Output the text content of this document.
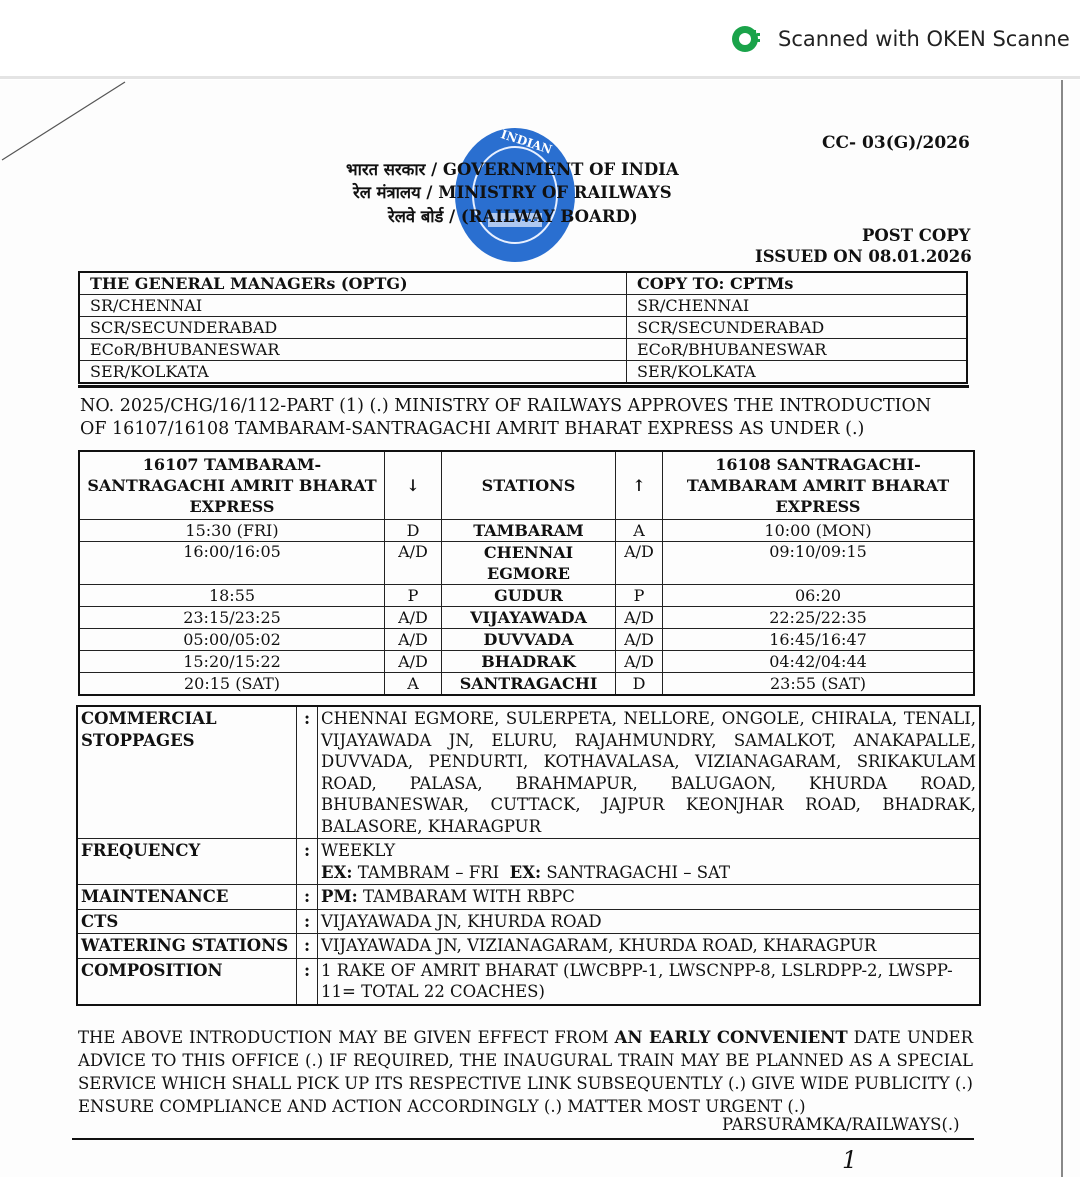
Scanned with OKEN Scanne
INDIAN	CC- 03(G)/2026
भारत सरकार / GOVERNMENT OF INDIA
रेल मंत्रालय / MINISTRY OF RAILWAYS
रेलवे बोर्ड / (RAILWAY BOARD)
POST COPY
ISSUED ON 08.01.2026
THE GENERAL MANAGERs (OPTG)	COPY TO: CPTMs
SR/CHENNAI	SR/CHENNAI
SCR/SECUNDERABAD	SCR/SECUNDERABAD
ECoR/BHUBANESWAR	ECoR/BHUBANESWAR
SER/KOLKATA	SER/KOLKATA
NO. 2025/CHG/16/112-PART (1) (.) MINISTRY OF RAILWAYS APPROVES THE INTRODUCTION
OF 16107/16108 TAMBARAM-SANTRAGACHI AMRIT BHARAT EXPRESS AS UNDER (.)
16107 TAMBARAM-SANTRAGACHI AMRIT BHARAT EXPRESS	↓	STATIONS	↑	16108 SANTRAGACHI-TAMBARAM AMRIT BHARAT EXPRESS
15:30 (FRI)	D	TAMBARAM	A	10:00 (MON)
16:00/16:05	A/D	CHENNAI EGMORE	A/D	09:10/09:15
18:55	P	GUDUR	P	06:20
23:15/23:25	A/D	VIJAYAWADA	A/D	22:25/22:35
05:00/05:02	A/D	DUVVADA	A/D	16:45/16:47
15:20/15:22	A/D	BHADRAK	A/D	04:42/04:44
20:15 (SAT)	A	SANTRAGACHI	D	23:55 (SAT)
COMMERCIAL STOPPAGES	:	CHENNAI EGMORE, SULERPETA, NELLORE, ONGOLE, CHIRALA, TENALI, VIJAYAWADA JN, ELURU, RAJAHMUNDRY, SAMALKOT, ANAKAPALLE, DUVVADA, PENDURTI, KOTHAVALASA, VIZIANAGARAM, SRIKAKULAM ROAD, PALASA, BRAHMAPUR, BALUGAON, KHURDA ROAD, BHUBANESWAR, CUTTACK, JAJPUR KEONJHAR ROAD, BHADRAK, BALASORE, KHARAGPUR
FREQUENCY	:	WEEKLY
EX: TAMBRAM – FRI EX: SANTRAGACHI – SAT

MAINTENANCE	:	PM: TAMBARAM WITH RBPC
CTS	:	VIJAYAWADA JN, KHURDA ROAD
WATERING STATIONS	:	VIJAYAWADA JN, VIZIANAGARAM, KHURDA ROAD, KHARAGPUR
COMPOSITION	:	1 RAKE OF AMRIT BHARAT (LWCBPP-1, LWSCNPP-8, LSLRDPP-2, LWSPP-11= TOTAL 22 COACHES)
THE ABOVE INTRODUCTION MAY BE GIVEN EFFECT FROM AN EARLY CONVENIENT DATE UNDER ADVICE TO THIS OFFICE (.) IF REQUIRED, THE INAUGURAL TRAIN MAY BE PLANNED AS A SPECIAL SERVICE WHICH SHALL PICK UP ITS RESPECTIVE LINK SUBSEQUENTLY (.) GIVE WIDE PUBLICITY (.) ENSURE COMPLIANCE AND ACTION ACCORDINGLY (.) MATTER MOST URGENT (.)
PARSURAMKA/RAILWAYS(.)
1
